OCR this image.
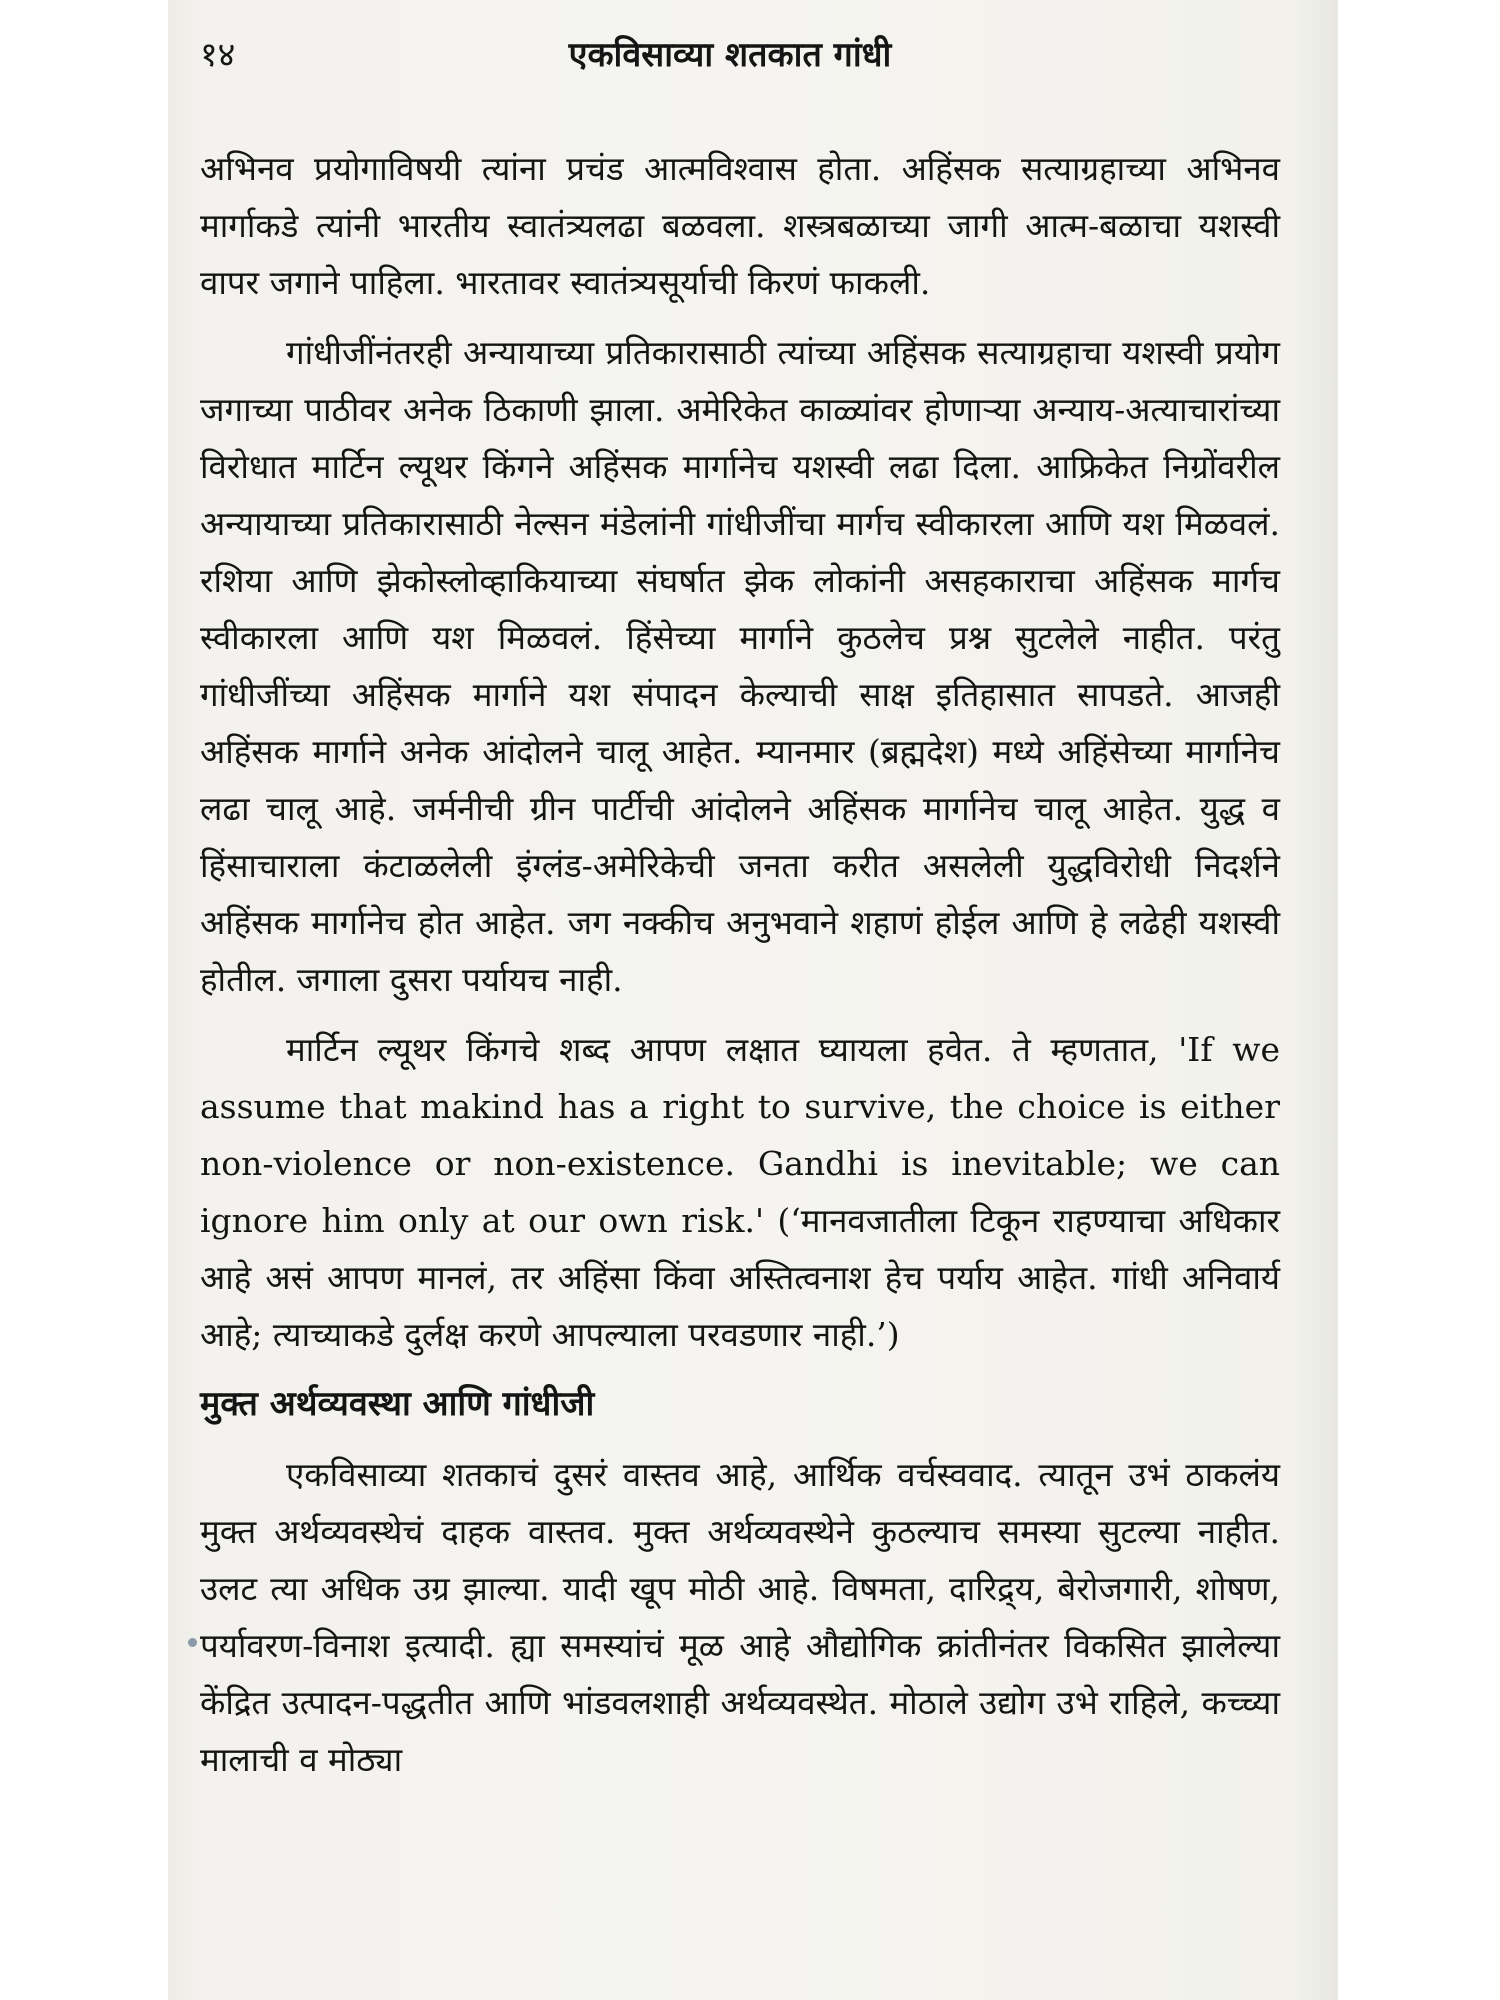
१४	एकविसाव्या शतकात गांधी

अभिनव प्रयोगाविषयी त्यांना प्रचंड आत्मविश्वास होता. अहिंसक सत्याग्रहाच्या अभिनव मार्गाकडे त्यांनी भारतीय स्वातंत्र्यलढा बळवला. शस्त्रबळाच्या जागी आत्म-बळाचा यशस्वी वापर जगाने पाहिला. भारतावर स्वातंत्र्यसूर्याची किरणं फाकली.

गांधीजींनंतरही अन्यायाच्या प्रतिकारासाठी त्यांच्या अहिंसक सत्याग्रहाचा यशस्वी प्रयोग जगाच्या पाठीवर अनेक ठिकाणी झाला. अमेरिकेत काळ्यांवर होणाऱ्या अन्याय-अत्याचारांच्या विरोधात मार्टिन ल्यूथर किंगने अहिंसक मार्गानेच यशस्वी लढा दिला. आफ्रिकेत निग्रोंवरील अन्यायाच्या प्रतिकारासाठी नेल्सन मंडेलांनी गांधीजींचा मार्गच स्वीकारला आणि यश मिळवलं. रशिया आणि झेकोस्लोव्हाकियाच्या संघर्षात झेक लोकांनी असहकाराचा अहिंसक मार्गच स्वीकारला आणि यश मिळवलं. हिंसेच्या मार्गाने कुठलेच प्रश्न सुटलेले नाहीत. परंतु गांधीजींच्या अहिंसक मार्गाने यश संपादन केल्याची साक्ष इतिहासात सापडते. आजही अहिंसक मार्गाने अनेक आंदोलने चालू आहेत. म्यानमार (ब्रह्मदेश) मध्ये अहिंसेच्या मार्गानेच लढा चालू आहे. जर्मनीची ग्रीन पार्टीची आंदोलने अहिंसक मार्गानेच चालू आहेत. युद्ध व हिंसाचाराला कंटाळलेली इंग्लंड-अमेरिकेची जनता करीत असलेली युद्धविरोधी निदर्शने अहिंसक मार्गानेच होत आहेत. जग नक्कीच अनुभवाने शहाणं होईल आणि हे लढेही यशस्वी होतील. जगाला दुसरा पर्यायच नाही.

मार्टिन ल्यूथर किंगचे शब्द आपण लक्षात घ्यायला हवेत. ते म्हणतात, 'If we assume that makind has a right to survive, the choice is either non-violence or non-existence. Gandhi is inevitable; we can ignore him only at our own risk.' (‘मानवजातीला टिकून राहण्याचा अधिकार आहे असं आपण मानलं, तर अहिंसा किंवा अस्तित्वनाश हेच पर्याय आहेत. गांधी अनिवार्य आहे; त्याच्याकडे दुर्लक्ष करणे आपल्याला परवडणार नाही.’)

मुक्त अर्थव्यवस्था आणि गांधीजी

एकविसाव्या शतकाचं दुसरं वास्तव आहे, आर्थिक वर्चस्ववाद. त्यातून उभं ठाकलंय मुक्त अर्थव्यवस्थेचं दाहक वास्तव. मुक्त अर्थव्यवस्थेने कुठल्याच समस्या सुटल्या नाहीत. उलट त्या अधिक उग्र झाल्या. यादी खूप मोठी आहे. विषमता, दारिद्र्य, बेरोजगारी, शोषण, पर्यावरण-विनाश इत्यादी. ह्या समस्यांचं मूळ आहे औद्योगिक क्रांतीनंतर विकसित झालेल्या केंद्रित उत्पादन-पद्धतीत आणि भांडवलशाही अर्थव्यवस्थेत. मोठाले उद्योग उभे राहिले, कच्च्या मालाची व मोठ्या
